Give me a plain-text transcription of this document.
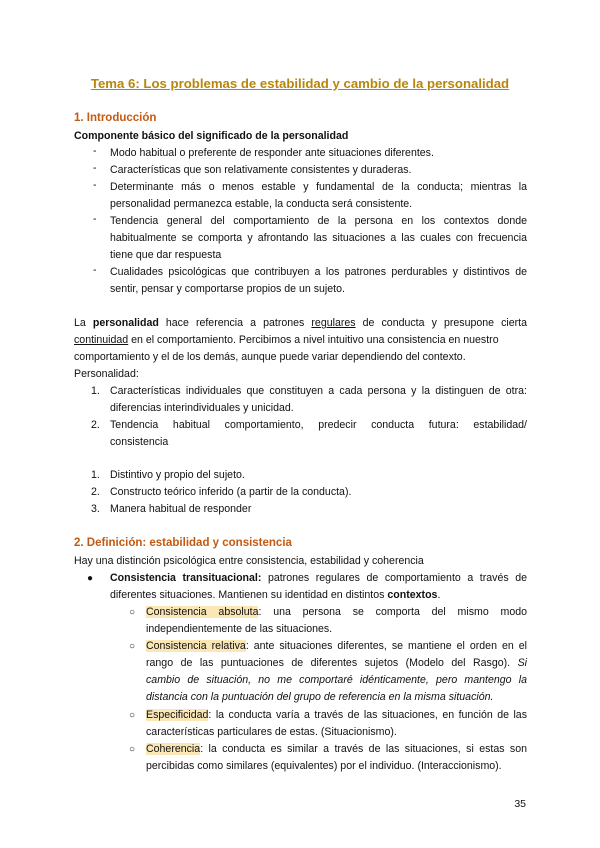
Tema 6: Los problemas de estabilidad y cambio de la personalidad
1. Introducción
Componente básico del significado de la personalidad
- Modo habitual o preferente de responder ante situaciones diferentes.
- Características que son relativamente consistentes y duraderas.
- Determinante más o menos estable y fundamental de la conducta; mientras la
personalidad permanezca estable, la conducta será consistente.
- Tendencia general del comportamiento de la persona en los contextos donde
habitualmente se comporta y afrontando las situaciones a las cuales con frecuencia
tiene que dar respuesta
- Cualidades psicológicas que contribuyen a los patrones perdurables y distintivos de
sentir, pensar y comportarse propios de un sujeto.
La personalidad hace referencia a patrones regulares de conducta y presupone cierta
continuidad en el comportamiento. Percibimos a nivel intuitivo una consistencia en nuestro
comportamiento y el de los demás, aunque puede variar dependiendo del contexto.
Personalidad:
1. Características individuales que constituyen a cada persona y la distinguen de otra:
diferencias interindividuales y unicidad.
2. Tendencia habitual comportamiento, predecir conducta futura: estabilidad/
consistencia
1. Distintivo y propio del sujeto.
2. Constructo teórico inferido (a partir de la conducta).
3. Manera habitual de responder
2. Definición: estabilidad y consistencia
Hay una distinción psicológica entre consistencia, estabilidad y coherencia
● Consistencia transituacional: patrones regulares de comportamiento a través de
diferentes situaciones. Mantienen su identidad en distintos contextos.
○ Consistencia absoluta: una persona se comporta del mismo modo
independientemente de las situaciones.
○ Consistencia relativa: ante situaciones diferentes, se mantiene el orden en el
rango de las puntuaciones de diferentes sujetos (Modelo del Rasgo). Si
cambio de situación, no me comportaré idénticamente, pero mantengo la
distancia con la puntuación del grupo de referencia en la misma situación.
○ Especificidad: la conducta varía a través de las situaciones, en función de las
características particulares de estas. (Situacionismo).
○ Coherencia: la conducta es similar a través de las situaciones, si estas son
percibidas como similares (equivalentes) por el individuo. (Interaccionismo).
35
